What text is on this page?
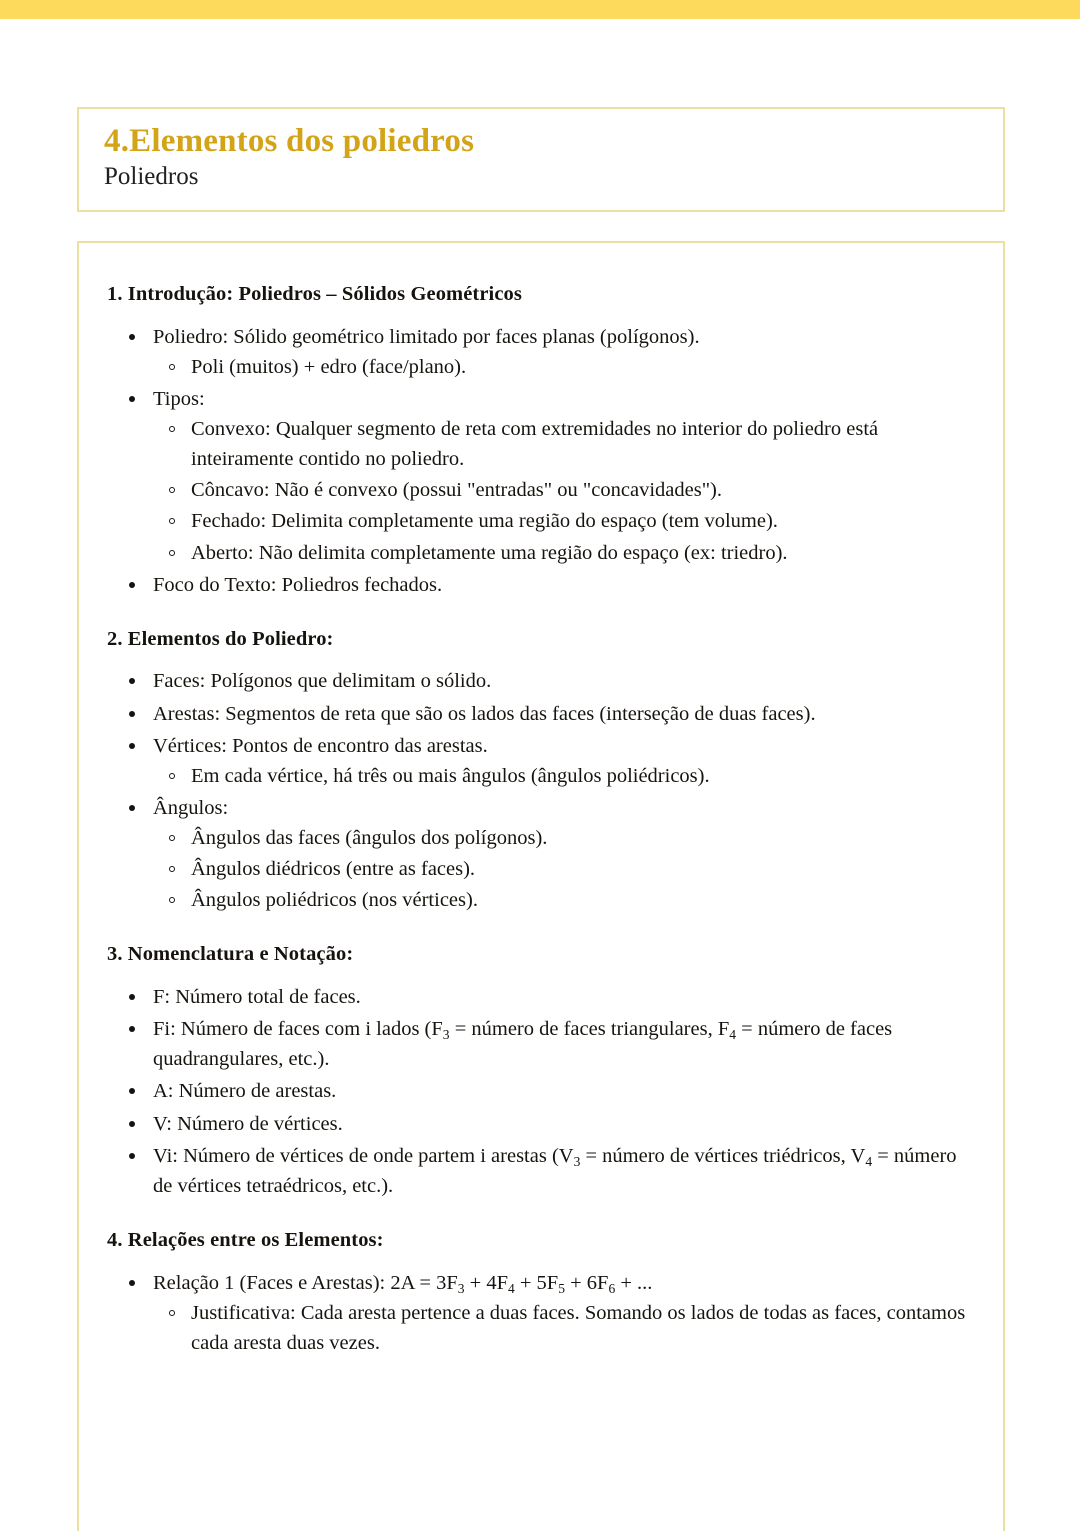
4.Elementos dos poliedros
Poliedros
1. Introdução: Poliedros – Sólidos Geométricos
Poliedro: Sólido geométrico limitado por faces planas (polígonos).
Poli (muitos) + edro (face/plano).
Tipos:
Convexo: Qualquer segmento de reta com extremidades no interior do poliedro está inteiramente contido no poliedro.
Côncavo: Não é convexo (possui "entradas" ou "concavidades").
Fechado: Delimita completamente uma região do espaço (tem volume).
Aberto: Não delimita completamente uma região do espaço (ex: triedro).
Foco do Texto: Poliedros fechados.
2. Elementos do Poliedro:
Faces: Polígonos que delimitam o sólido.
Arestas: Segmentos de reta que são os lados das faces (interseção de duas faces).
Vértices: Pontos de encontro das arestas.
Em cada vértice, há três ou mais ângulos (ângulos poliédricos).
Ângulos:
Ângulos das faces (ângulos dos polígonos).
Ângulos diédricos (entre as faces).
Ângulos poliédricos (nos vértices).
3. Nomenclatura e Notação:
F: Número total de faces.
Fi: Número de faces com i lados ($F_3$ = número de faces triangulares, $F_4$ = número de faces quadrangulares, etc.).
A: Número de arestas.
V: Número de vértices.
Vi: Número de vértices de onde partem i arestas ($V_3$ = número de vértices triédricos, $V_4$ = número de vértices tetraédricos, etc.).
4. Relações entre os Elementos:
Relação 1 (Faces e Arestas): $2A = 3F_3 + 4F_4 + 5F_5 + 6F_6$ + ...
Justificativa: Cada aresta pertence a duas faces. Somando os lados de todas as faces, contamos cada aresta duas vezes.
